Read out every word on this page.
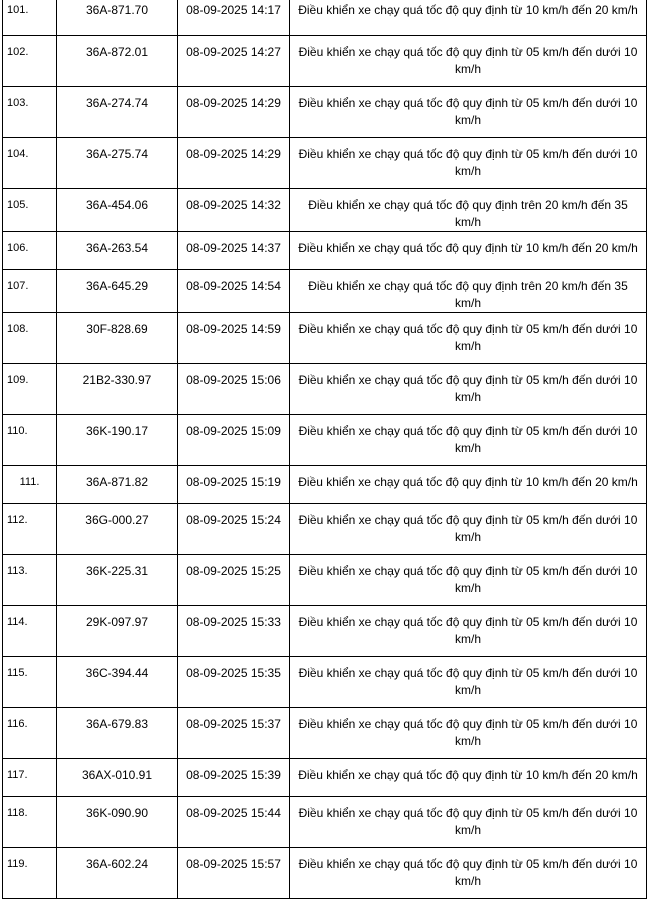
101.	36A-871.70	08-09-2025 14:17	Điều khiển xe chạy quá tốc độ quy định từ 10 km/h đến 20 km/h
102.	36A-872.01	08-09-2025 14:27	Điều khiển xe chạy quá tốc độ quy định từ 05 km/h đến dưới 10 km/h
103.	36A-274.74	08-09-2025 14:29	Điều khiển xe chạy quá tốc độ quy định từ 05 km/h đến dưới 10 km/h
104.	36A-275.74	08-09-2025 14:29	Điều khiển xe chạy quá tốc độ quy định từ 05 km/h đến dưới 10 km/h
105.	36A-454.06	08-09-2025 14:32	Điều khiển xe chạy quá tốc độ quy định trên 20 km/h đến 35 km/h
106.	36A-263.54	08-09-2025 14:37	Điều khiển xe chạy quá tốc độ quy định từ 10 km/h đến 20 km/h
107.	36A-645.29	08-09-2025 14:54	Điều khiển xe chạy quá tốc độ quy định trên 20 km/h đến 35 km/h
108.	30F-828.69	08-09-2025 14:59	Điều khiển xe chạy quá tốc độ quy định từ 05 km/h đến dưới 10 km/h
109.	21B2-330.97	08-09-2025 15:06	Điều khiển xe chạy quá tốc độ quy định từ 05 km/h đến dưới 10 km/h
110.	36K-190.17	08-09-2025 15:09	Điều khiển xe chạy quá tốc độ quy định từ 05 km/h đến dưới 10 km/h
111.	36A-871.82	08-09-2025 15:19	Điều khiển xe chạy quá tốc độ quy định từ 10 km/h đến 20 km/h
112.	36G-000.27	08-09-2025 15:24	Điều khiển xe chạy quá tốc độ quy định từ 05 km/h đến dưới 10 km/h
113.	36K-225.31	08-09-2025 15:25	Điều khiển xe chạy quá tốc độ quy định từ 05 km/h đến dưới 10 km/h
114.	29K-097.97	08-09-2025 15:33	Điều khiển xe chạy quá tốc độ quy định từ 05 km/h đến dưới 10 km/h
115.	36C-394.44	08-09-2025 15:35	Điều khiển xe chạy quá tốc độ quy định từ 05 km/h đến dưới 10 km/h
116.	36A-679.83	08-09-2025 15:37	Điều khiển xe chạy quá tốc độ quy định từ 05 km/h đến dưới 10 km/h
117.	36AX-010.91	08-09-2025 15:39	Điều khiển xe chạy quá tốc độ quy định từ 10 km/h đến 20 km/h
118.	36K-090.90	08-09-2025 15:44	Điều khiển xe chạy quá tốc độ quy định từ 05 km/h đến dưới 10 km/h
119.	36A-602.24	08-09-2025 15:57	Điều khiển xe chạy quá tốc độ quy định từ 05 km/h đến dưới 10 km/h
